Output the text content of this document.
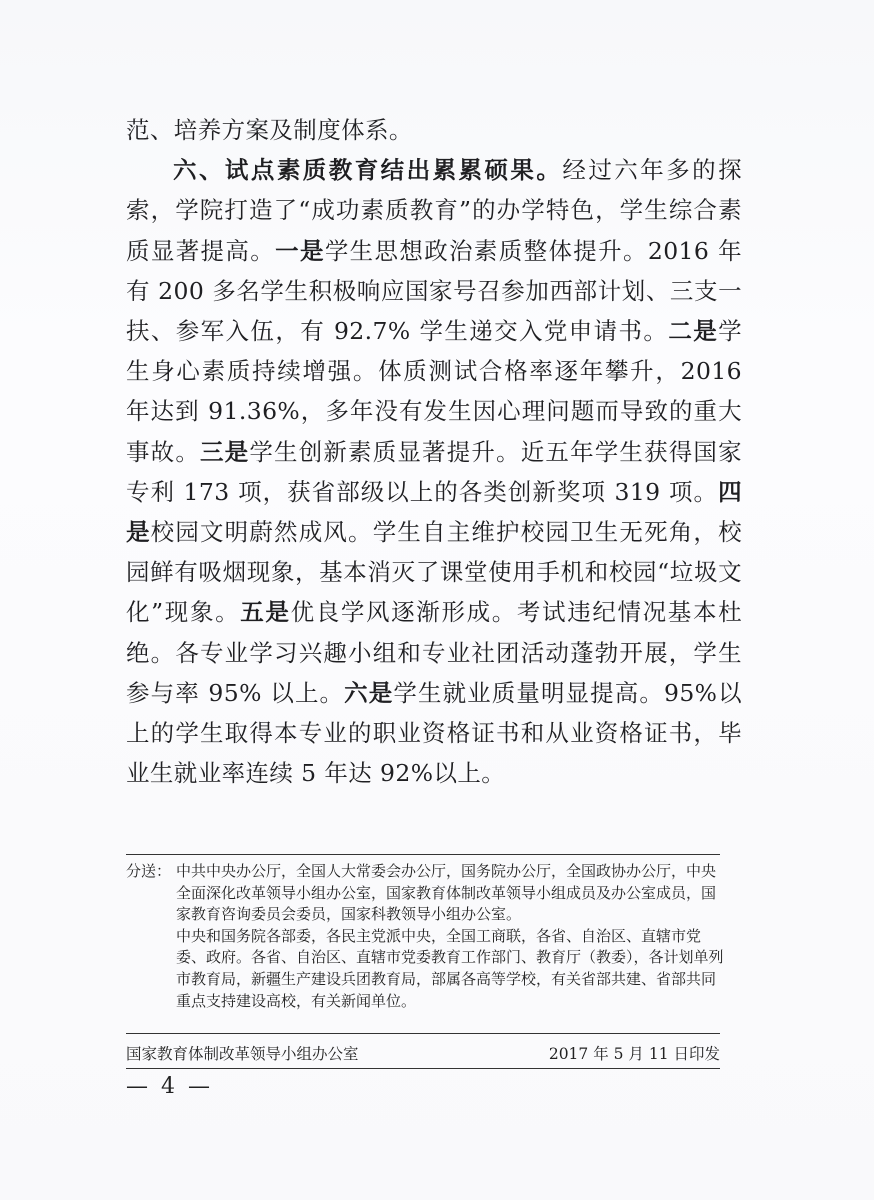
范、培养方案及制度体系。

六、试点素质教育结出累累硕果。经过六年多的探索，学院打造了“成功素质教育”的办学特色，学生综合素质显著提高。一是学生思想政治素质整体提升。2016 年有 200 多名学生积极响应国家号召参加西部计划、三支一扶、参军入伍，有 92.7% 学生递交入党申请书。二是学生身心素质持续增强。体质测试合格率逐年攀升，2016 年达到 91.36%，多年没有发生因心理问题而导致的重大事故。三是学生创新素质显著提升。近五年学生获得国家专利 173 项，获省部级以上的各类创新奖项 319 项。四是校园文明蔚然成风。学生自主维护校园卫生无死角，校园鲜有吸烟现象，基本消灭了课堂使用手机和校园“垃圾文化”现象。五是优良学风逐渐形成。考试违纪情况基本杜绝。各专业学习兴趣小组和专业社团活动蓬勃开展，学生参与率 95% 以上。六是学生就业质量明显提高。95%以上的学生取得本专业的职业资格证书和从业资格证书，毕业生就业率连续 5 年达 92%以上。

分送： 中共中央办公厅，全国人大常委会办公厅，国务院办公厅，全国政协办公厅，中央全面深化改革领导小组办公室，国家教育体制改革领导小组成员及办公室成员，国家教育咨询委员会委员，国家科教领导小组办公室。

中央和国务院各部委，各民主党派中央，全国工商联，各省、自治区、直辖市党委、政府。各省、自治区、直辖市党委教育工作部门、教育厅（教委），各计划单列市教育局，新疆生产建设兵团教育局，部属各高等学校，有关省部共建、省部共同重点支持建设高校，有关新闻单位。

国家教育体制改革领导小组办公室	2017 年 5 月 11 日印发
— 4 —
